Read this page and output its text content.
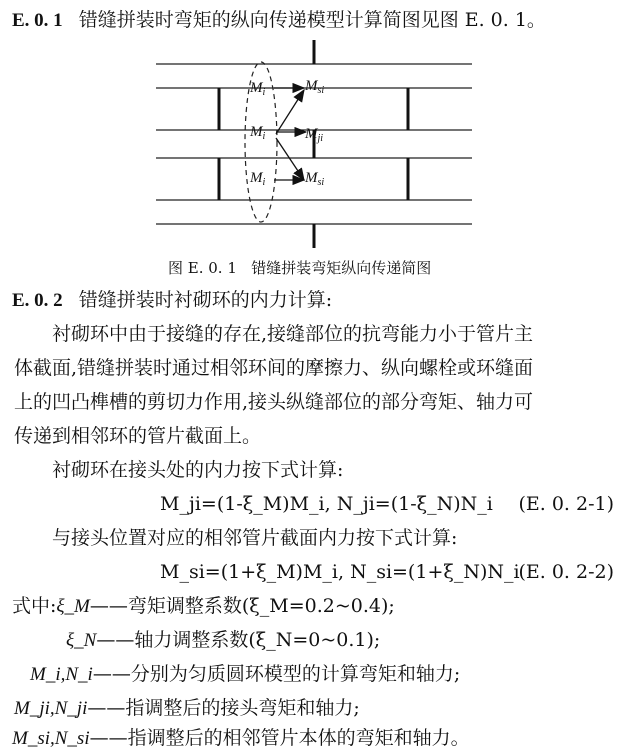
E. 0. 1 错缝拼装时弯矩的纵向传递模型计算简图见图 E. 0. 1。
$M_i$	$M_{si}$
$M_i$	$M_{ji}$
$M_i$	$M_{si}$
图 E. 0. 1 错缝拼装弯矩纵向传递简图
E. 0. 2 错缝拼装时衬砌环的内力计算:
衬砌环中由于接缝的存在,接缝部位的抗弯能力小于管片主
体截面,错缝拼装时通过相邻环间的摩擦力、纵向螺栓或环缝面
上的凹凸榫槽的剪切力作用,接头纵缝部位的部分弯矩、轴力可
传递到相邻环的管片截面上。
衬砌环在接头处的内力按下式计算:
M_ji=(1-ξ_M)M_i, N_ji=(1-ξ_N)N_i (E. 0. 2-1)
与接头位置对应的相邻管片截面内力按下式计算:
M_si=(1+ξ_M)M_i, N_si=(1+ξ_N)N_i
(E. 0. 2-2)
式中:ξ_M——弯矩调整系数(ξ_M=0.2~0.4);
ξ_N——轴力调整系数(ξ_N=0~0.1);
M_i,N_i——分别为匀质圆环模型的计算弯矩和轴力;
M_ji,N_ji——指调整后的接头弯矩和轴力;
M_si,N_si——指调整后的相邻管片本体的弯矩和轴力。
